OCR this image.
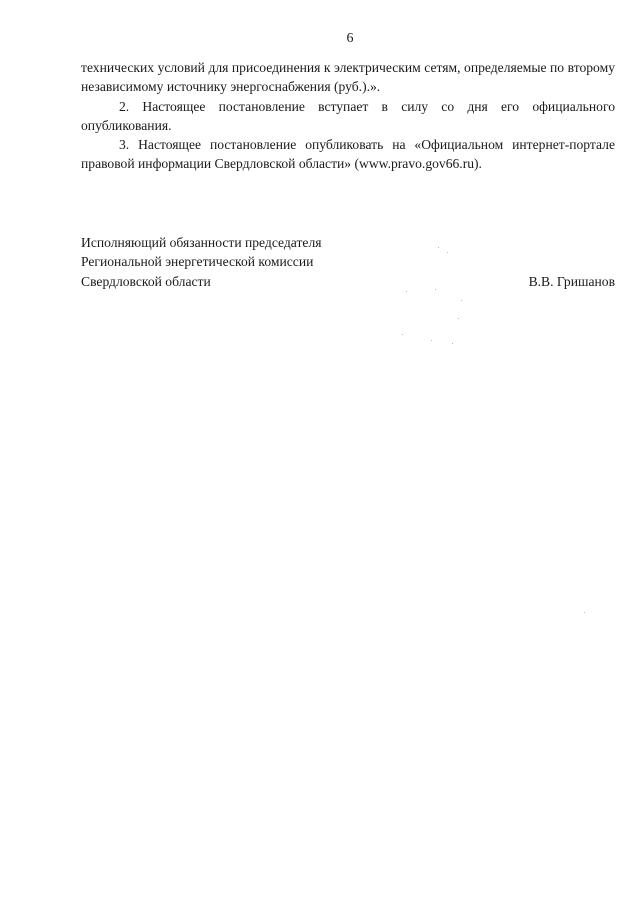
6

технических условий для присоединения к электрическим сетям, определяемые по второму независимому источнику энергоснабжения (руб.).».

2. Настоящее постановление вступает в силу со дня его официального опубликования.

3. Настоящее постановление опубликовать на «Официальном интернет-портале правовой информации Свердловской области» (www.pravo.gov66.ru).

Исполняющий обязанности председателя
Региональной энергетической комиссии
Свердловской области	В.В. Гришанов
